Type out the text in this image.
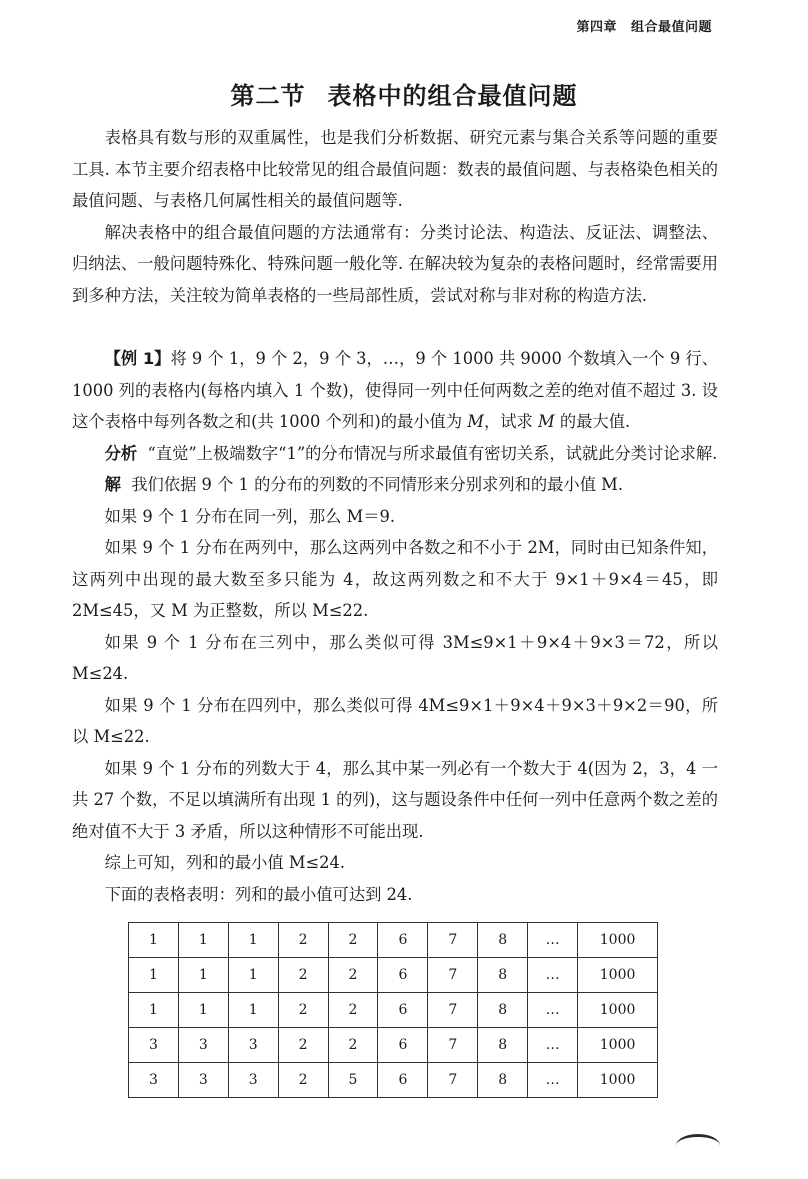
第四章 组合最值问题
第二节 表格中的组合最值问题

表格具有数与形的双重属性，也是我们分析数据、研究元素与集合关系等问题的重要工具. 本节主要介绍表格中比较常见的组合最值问题：数表的最值问题、与表格染色相关的最值问题、与表格几何属性相关的最值问题等.

解决表格中的组合最值问题的方法通常有：分类讨论法、构造法、反证法、调整法、归纳法、一般问题特殊化、特殊问题一般化等. 在解决较为复杂的表格问题时，经常需要用到多种方法，关注较为简单表格的一些局部性质，尝试对称与非对称的构造方法.

【例 1】将 9 个 1，9 个 2，9 个 3，…，9 个 1000 共 9000 个数填入一个 9 行、1000 列的表格内(每格内填入 1 个数)，使得同一列中任何两数之差的绝对值不超过 3. 设这个表格中每列各数之和(共 1000 个列和)的最小值为 M，试求 M 的最大值.

分析  “直觉”上极端数字“1”的分布情况与所求最值有密切关系，试就此分类讨论求解.

解  我们依据 9 个 1 的分布的列数的不同情形来分别求列和的最小值 M.

如果 9 个 1 分布在同一列，那么 M＝9.

如果 9 个 1 分布在两列中，那么这两列中各数之和不小于 2M，同时由已知条件知，这两列中出现的最大数至多只能为 4，故这两列数之和不大于 9×1＋9×4＝45，即 2M≤45，又 M 为正整数，所以 M≤22.

如果 9 个 1 分布在三列中，那么类似可得 3M≤9×1＋9×4＋9×3＝72，所以M≤24.

如果 9 个 1 分布在四列中，那么类似可得 4M≤9×1＋9×4＋9×3＋9×2＝90，所以 M≤22.

如果 9 个 1 分布的列数大于 4，那么其中某一列必有一个数大于 4(因为 2，3，4 一共 27 个数，不足以填满所有出现 1 的列)，这与题设条件中任何一列中任意两个数之差的绝对值不大于 3 矛盾，所以这种情形不可能出现.

综上可知，列和的最小值 M≤24.

下面的表格表明：列和的最小值可达到 24.

1	1	1	2	2	6	7	8	…	1000
1	1	1	2	2	6	7	8	…	1000
1	1	1	2	2	6	7	8	…	1000
3	3	3	2	2	6	7	8	…	1000
3	3	3	2	5	6	7	8	…	1000
